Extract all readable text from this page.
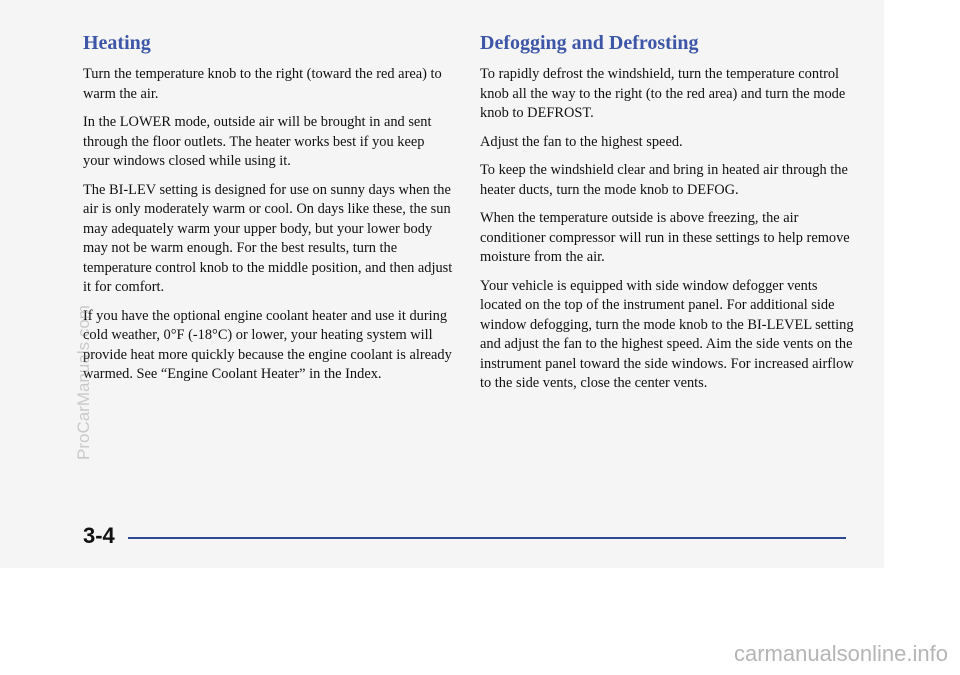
Heating

Turn the temperature knob to the right (toward the red area) to warm the air.

In the LOWER mode, outside air will be brought in and sent through the floor outlets. The heater works best if you keep your windows closed while using it.

The BI-LEV setting is designed for use on sunny days when the air is only moderately warm or cool. On days like these, the sun may adequately warm your upper body, but your lower body may not be warm enough. For the best results, turn the temperature control knob to the middle position, and then adjust it for comfort.

If you have the optional engine coolant heater and use it during cold weather, 0°F (-18°C) or lower, your heating system will provide heat more quickly because the engine coolant is already warmed. See “Engine Coolant Heater” in the Index.

Defogging and Defrosting

To rapidly defrost the windshield, turn the temperature control knob all the way to the right (to the red area) and turn the mode knob to DEFROST.

Adjust the fan to the highest speed.

To keep the windshield clear and bring in heated air through the heater ducts, turn the mode knob to DEFOG.

When the temperature outside is above freezing, the air conditioner compressor will run in these settings to help remove moisture from the air.

Your vehicle is equipped with side window defogger vents located on the top of the instrument panel. For additional side window defogging, turn the mode knob to the BI-LEVEL setting and adjust the fan to the highest speed. Aim the side vents on the instrument panel toward the side windows. For increased airflow to the side vents, close the center vents.

3-4
ProCarManuals.com
carmanualsonline.info
